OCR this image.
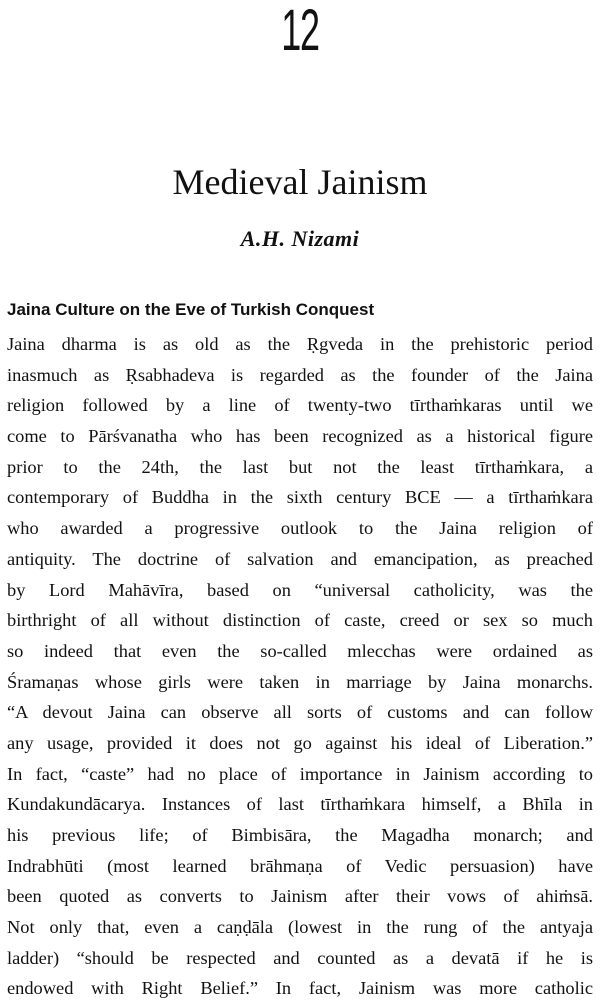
12
Medieval Jainism
A.H. Nizami
Jaina Culture on the Eve of Turkish Conquest
Jaina dharma is as old as the Ṛgveda in the prehistoric period
inasmuch as Ṛsabhadeva is regarded as the founder of the Jaina
religion followed by a line of twenty-two tīrthaṁkaras until we
come to Pārśvanatha who has been recognized as a historical figure
prior to the 24th, the last but not the least tīrthaṁkara, a
contemporary of Buddha in the sixth century BCE — a tīrthaṁkara
who awarded a progressive outlook to the Jaina religion of
antiquity. The doctrine of salvation and emancipation, as preached
by Lord Mahāvīra, based on “universal catholicity, was the
birthright of all without distinction of caste, creed or sex so much
so indeed that even the so-called mlecchas were ordained as
Śramaṇas whose girls were taken in marriage by Jaina monarchs.
“A devout Jaina can observe all sorts of customs and can follow
any usage, provided it does not go against his ideal of Liberation.”
In fact, “caste” had no place of importance in Jainism according to
Kundakundācarya. Instances of last tīrthaṁkara himself, a Bhīla in
his previous life; of Bimbisāra, the Magadha monarch; and
Indrabhūti (most learned brāhmaṇa of Vedic persuasion) have
been quoted as converts to Jainism after their vows of ahiṁsā.
Not only that, even a caṇḍāla (lowest in the rung of the antyaja
ladder) “should be respected and counted as a devatā if he is
endowed with Right Belief.” In fact, Jainism was more catholic
